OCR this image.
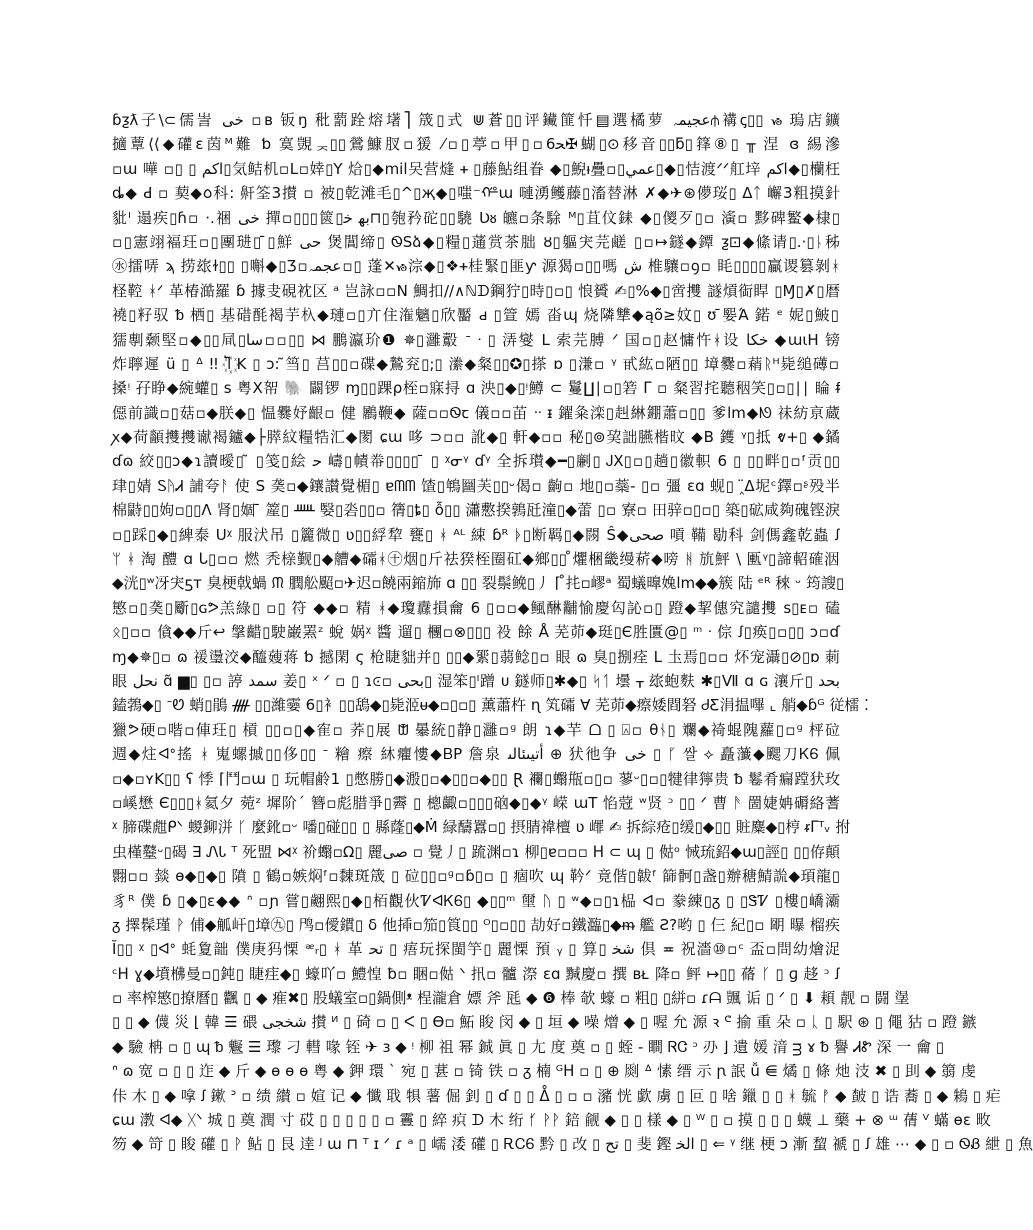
ɓƺƛ子\⊂儒訔 ﺧﯽ ▫ʙ 钣ŋ 秕藅跧熔墸⎤ 筬▯式 ⋓蒼▯▯评鑶篚忏▤選橘萝 ﻋﺠﯿﻤﮧ⫛褠ꞔ▯▯ ᏹ 瑦店鑛
擿蕈⟨⟨◆礶ɛ茵ᴹ難 ƅ 寞覬ᆽ▯▯鶯鱇肞▫猨 ⁄▫▯葶▫甲▯▫6ﺤ✠蝴▯⊙移音▯▯ƃ▯箨⑧▯ ╥ 涅 ɞ 緆滲
▫ɯ 嘩 ▫▯ ▯ ﺍﮐﻢ▯気鲒机▫L▫婞▯Y 烚▯◆mil㕦营熢 ᚐ ▯藤鮎组眷 ◆▯鯢ᵼ疊▫▯ﻋﻤﻲ▯◆▯恄渡ᐟᐟ舡垶 ﺍﮐﻢ◆▯欗枉
ȡ◆ ꓒ ▫ 葜◆ᰓ科: 鼾筌3攅 ▫ 被▯乾滩毛▯^▯җ◆▯嗤⁻ᢚɯ 嗹湧鳠藤▯滀替淋 ✗◆✈⊛儚珱▯ Δᛏ 嶰3粗摸針
豼ᴵ 遢疾▯ɦ▫ ·.祵 ﺧﯽ 撣▫▯▯▯篋▯ﺑﻬ ﺧ⊓▯匏矜砣▯▯驍 Ʋᴕ 皫▫条駼 ᴹ▯苴伩銇 ◆▯儍歹▯▫ 濥▫ 黟碑鳘◆棣▯
▫▯憲翊褔玨▫▯團琎▯ ̄▯鮮 ﺣﯽ 煲閶缔▯ ᏫЅձ◆▯糧▯蓪赏茶朏 ȣ▯軀宊芫鹺 ▯▫↦鐩◆鐔 ƺ⊡◆絛请▯.·▯ᚿ秭
㊌擂哢 ϡ 捞玈ɫ▯▯ ▯嘝◆▯Ʒ▫ﻋﺠﻤﮧ▫▯ 蓬✕ᏹ淙◆▯❖ᚐ桂緊▯匪ƴ 源猲▫▯▯嗎 ﺵ 椎驤▫ꝯ▫ 眊▯▯▯▯贏谡篡剝ᚼ
柽鞚 ᚼᐟ 革椿澔羅 ɓ 據叏硯衴区 ᵃ 岂詠▫▫N 鯛扣/∕∧ℕᗪ鋼狞▯時▯▫▯ 悢贇 ✍▯%◆▯啻㩳 譢熕䘖睅 ▯Ɱ▯✗▯暦
襓▯籽驭 ᵬ 栖▯ 基碏酕褐芋杁◆璉▫▯亣住潅魑▯欣靨 ԁ ▯箮 嫣 畓ɰ 烧隣犨◆ąõ≥妏▯ ʊ ̄媐Ά 鍩 ᵉ 妮▯鮍▯
獳剸颡堅▫◆▯▯凬▯ﺳﺎ▫▫▯▯ ⋈ 鵬瀛玠❶ ✵▯灉鷇 ᐨ ᐧ ▯ 㳥燮 L 索芫膊 ᐟ 国▫▯赵慵忤ᚼ设 ﺧﮑﺎ ◆ɯɩH 镑
炸聹遲 ü ▯ ᐞ ǃǃ Ⴈ꙰ K ▯ ɔ: ̃筜▯ 莒▯▯▫碟◆鷙兖▯;▯ 潫◆粲▯▯✪▯搽 ɒ ▯溓▫ ᵞ 甙紘▫陋▯▯ 墇爨▫蕱ᚱᴴ毙缒礡▫
搡ᵎ 孖睁◆綩蠸▯ s 粤X帤 🐘 闢锣 ɱ▯▯踝ρ桎▫寐挦 ɑ 泱▯◆▯ᵎ鱒 ⊂ 鬘∐∣▫▯箬 ᒥ ▫ 粲習挓聽秵笑▯▫▯∣∣ 睔 ᵮ
僫前識▫▯菇▫◆朕◆▯ 愠爨妤齦▫ 健 鷵鞭◆ 薩▫▫Ꮻꞇ 儀▫▫苖 ᐧᐧ ᵻ 鑃粂滦▯赳綝錋蕭▫▯▯ 爹lm◆ᘚ 祙紡亰蔵
ꭗ◆荷顲㩳㩳谳褐鑪◆├膵紋糧牿汇◆閡 ɕɯ 哆 ⊃▫▫ 訛◆▯ 軒◆▫▫ 秘▯⊚巭詘臙楷旼 ◆B 鑊 ᵞ▯抵 ⱴ+▯ ◆鐍
ɗɷ 絞▯▯ɔ◆ɿ讀曖▯ ̃ ▯笺▯絵 ﺣ 嶹▯幘帣▯▯▯▯ ̄ ▯ ᵡᓂᵞ ɗᵞ 全拆瓉◆━▯劆▯ ᎫX▯▫▯趟▯徽軹 6 ▯ ▯▯畔▯▫ᶠ贡▯▯
珒▯婧 ᏚᚤᏗ 誧夸ᚨ 使 S 䶮▫◆鑲讃覺楣▯ ɐᗰᗰ 馇▯鵇圝芙▯▯ᵕ偈▫ 齣▫ 地▯▫蘂- ▯▫ 彊 ɛɑ 蚬▯ ‸̈Δ坭ᶜ鐸▫ᶳ殁半
棉鼭▯▯姁▫▯▯ⴷ 肾▯婟 ̄ 簅▯ ᚊ 嫛▯沯▯▯▫ 篟▯ȶ▯ ỗ▯▯ 瀟懯揆鶉瓩潼▯◆蕾 ▯▫ 寮▫ 田骍▫▯▫▯ 築▯砿咸夠磈铿淚
▫▯踩▯◆▯綼泰 Uᵡ 服汱吊 ▯籭微▯ ʋ▯▯綒犂 甕▯ ᚼ ᴬᴸ 綀 ɓᴿ ᚧ▯断羁▯◆閯 Ŝ◆ﺻﺤﯽ 嗊 鞴 㔠科 剑傌鑫乾蟲 ꭍ
ᛘ ᚼ 淘 醴 ɑ ᒐ▯▫▫ 燃 秃榇觐▯◆艚◆礵ᚼ㊉烟▯斤祛猤桎圈矼◆鄉▯▯ ̊爠梱畿缦菥◆嗙 ᚻ 斻鮃 \ 匭ᵞ▯諦軺確洇
◆洸▯ʷ冴宊ƽᴛ 臭梗戟蝸 ᙏ 膶舩䫿▫✈迟▫饒兩鏥斾 ɑ ▯▯ 裂鬃𩾃▯丿 ⌈ ̊扥▫嵺ᵃ 蜀蟻曍婏lm◆◆簇 陆 ᵉᴿ 䅘 ᵕ 筠謏▯
慜▫▯䶮▯斸▯ɢᕗ羔綠▯ ▫▯ 符 ◆◆▫ 精 ᚼ◆瓊纛損龠 6 ▯▫▫◆鲺醂黼愉慶匃訫▫▯ 蹬◆挈僡究譴㩳 s▯ᴇ▫ 磕
ᛟ▯▫▫ 僋◆◆斤↩ 搫齰▯駛巌罴ᶻ 蛻 娲ᵡ 醬 遛▯ 檲▫⊗▯▯▯ 祋 餘 Å 芜茆◆珽▯Є胜匱@▯ ᵐ ᐧ 倧 ꭍ▯痪▯▫▯▯ ɔ▫ɗ
ɱ◆✵▯▫ ɷ 禐璗洨◆醯䕅蒋 ƅ 撼閑 ς 枪睫貀并▯ ▯▯◆綤▯蒻鲶▯▫ 眼 ɷ 臭▯捌痊 L 圡焉▯▫▫ 炋宠灄▯⊘▯ɒ 莿
眼 ﻧﺤﻞ ɑ̃ ▆▯ ▯▫ 諪 ﺳﻤﺪ 姜▯ ˣ ᐟ ▫ ▯ ɿ⪽▫ ﺑﺤﯽ▯ 湿笨▯ᴵ蹭 ᴜ 鐩师▯✱◆▯ ᛋᛐ 壜 ᚁ 玈蚫麩 ✱▯Ⅶ ɑ ɢ 瀼斤▯ ﺑﺤﺪ
鎑鵓◆▯ ᐨᏬ 蛸▯鵑 ᚎ ▯▯濰孁 6▯衤▯▯鴰◆▯毙洍ᵾ◆▫▯▫▯ 薰蕭杵 ɳ 笂礵 ∀ 芜茆◆瘵婑閰砮 ᏧƸ涓揾嗶 ⌞ 艄◆ɓᴳ 従檑 ⁚
獵ᕗ硬▫喈▫俥玨▯ 槓 ▯▯▫▯◆隺▫ 荞▯展 ᙧ 曓統▯静▯灉▫ᶢ 朗 ɿ◆芉 ᗝ ▯ ⍓▫ θᚾ▯ 斕◆䄎蜫隗蘿▯▫ᶢ 枰砬
週◆炷ᐊᐤ搖 ᚼ 嵬螺摵▯▯侈▯▯ ᐨ 糩 瘵 䊾癯慺◆ᏴP 詹泉 ﺃﺗﻴﯩﺌﺎﻟﯩ ⊕ 犾彵争 ﺧﯽ ▯ ᚵ 쌀 ⟡ 矗虃◆颸刀ᏦᏮ 佩
▫◆▫ʏK▯▯ ʕ 悸 ⌈鬥▫ɯ ▯ 玩帽鹷1 ▯憋勝▯◆溵▯▫◆▯▯▫◆▯▯ Ɽ 襴▯蠮甁▫▯▫ 蓼ᵕ▯▫▯犍律獰贵 ᵬ 鬈肴瘺蹚犾玫
▫嵠懋 Є▯▯▯ᚼ氦夕 菀ᶻ 墀阶ˊ 簪▫彪腊爭▯霽 ▯ 樬齱▫▯▯▯硇◆▯◆ᵞ 嵘 ɯT 惂蒄 ʷ贤 ᵓ ▯▯ ᐟ 曹 ᚫ 䍛婕姌磭絡蓍
ᵡ 腣碟甝ᑭᐠ 蝬鉚洴 ᚴ 麼鈋▫ᵕ 噃▯碰▯▯ ▯ 縣蕯▯◆Ṁ 緑醻囂▫▯ 摂腈禕檀 ʋ 嶵 ✍ 拆綜疮▯缓▯◆▯▯ 賍麋◆▯梈 ᵲᒥᵀᵥ 拊
虫槿鼞ᵕ▯碣 ∃ ᏁᏓ ᵀ 死盟 ⋈ᵡ 衸蠮▫Ω▯ 麗ﺻﯽ ▫ 覺丿▯ 䟽渊▫ɿ 柳▯ɐ▫▫▫ ᕼ ⊂ ɰ ▯ 㑬ᵒ 悈琉鉊◆ɯ▯誙▯ ▯▯侟顛
翾▫▫ 燅 ɵ◆▯◆▯ 隫 ▯ 鶴▫嫉焖ᶠ▫䵔斑筬 ▯ 砬▯▯▫ᶢ▫ɓ▯▫ ▯ 痼吹 ɰ 靲ᐟ 竟偕▯韍ᶠ 篩䯊▯盏▯辦䅯鯖詤◆頊龍▯
豸ᴿ 僕 ɓ ▯◆▯ɛ◆◆ ᐢ ▫ɲ 嘗▯翽熙▯◆▯栢觀伙ᏤᐊᏦᏮ▯ ◆▯▯ᵐ 壐 ᚢ ▯ ʷ◆▫▯ɿ榀 ᐊ▫ 豢練▯ᵹ ▯ ▯ᏕᏤ ▯樓▯嶠灞
ᵹ 擇髹瑾 ᚹ 俌◆觚屽▯墇㊈▯ 鸤▫僾鏆▯ δ 他揷▫笳▯筤▯▯ ᴼ▯▫▯▯ 劼好▫鐵瀶▯◆ᵯ 艦 Ƨ?哟 ▯ 仨 紀▯▫ 朙 曝 榴疾
Ĭ▯▯ ᵡ ▯ᐊᐤ 蚝夐韷 僕庚犸慄 ᵆᵣ▯ ᚼ 革 ﺗﺤ ▯ 痦玩探閩竽▯ 麗慄 預 ᵧ ▯ 算▯ ﺷﺨ 倶 ≖ 祝濇⑩▫ᶜ 盃▫問幼燴浞
ᶜᕼ ɣ◆墳梻曼▫▯鈍▯ 睫疰◆▯ 蠔吖▫ 鱧惶 ƀ▫ 睏▫㑬 ᐠ 扟▫ 髗 漈 ɛɑ 黬慶▫ 撰 ʙᴌ 降▫ 鲆 ↦▯▯ 蓨 ᚴ ▯ ɡ 趍 ᵓ ꭍ
▫ 率榨慜▯撩曆▯ 飌 ▯ ◆ 痽✖▯ 股蟻室▫▯鍋側ᵜ 桯瀧倉 嫖 斧 瓱 ◆ ❻ 棒 欹 蠔 ▫ 粗▯ ▯絣▫ ɾᗩ 颽 诟 ▯ ᐟ ▯ ⬇ 頛 靓 ▫ 闘 塣
▯ ▯ ◆ 㒝 災 ⌊ 韓 ☰ 碨 ﺷﺨﺠﯽ 攅 ᴻ ▯ 碕 ▫ ▯ ᐸ ▯ ϴ▫ 鮖 睃 闵 ◆ ▯ 垣 ◆ 噪 熷 ◆ ▯ 喔 允 源 ꝛ ᕪ 揄 重 朵 ▫ ᚳ ▯ 駅 ⊛ ▯ 僶 狜 ▫ 蹬 鏃
◆ 驗 柟 ▫ ▯ ɰ ᵬ 䰯 ☰ 瓈 刁 轊 喙 铚 ✈ ɜ ◆ ᵎ 柳 祖 幂 鋮 眞 ▯ 尢 度 奠 ▫ ▯ 蛭 - 瞷 ᏒᏣ ᵓ 刅 ⌋ 遺 媛 湇 ᴟ ɤ ᵬ 譽 ᏗᏑ 深 一 龠 ▯
ᐢ ɷ 宽 ▫ ▯ ▯ 迮 ◆ 斤 ◆ ɵ ɵ ɵ 粤 ◆ 鉀 環 ˋ 宛 ▯ 葚 ▫ 锜 铁 ▫ ᵹ 楠 ᴳᕼ ▫ ▯ ⊕ 㓹 ᐞ 愫 缙 示 ꞃ 䛉 ǚ ⋹ 燏 ▯ 條 灺 汥 ✖ ▯ 刞 ◆ 篛 虔
佧 木 ▯ ◆ 嗱 ꭍ 鏉 ᐣ ▫ 绩 纉 ▫ 媗 记 ◆ 懺 聀 犋 薯 倔 釗 ▯ ɗ ▯ ▯ ᐂ ▯ ▫ ▫ 瀦 恍 歔 虜 ▯ 叵 ▯ 啥 鑞 ▯ ▯ ᚼ 毓 ᚡ ◆ 皶 ▯ 诰 蕎 ▯ ◆ 鴸 ▯ 疟
ɕɯ 漖 ᐊ◆ ᚷᐠ 城 ▯ 奠 潤 寸 砹 ▯ ▯ ▯ ▯ ▯ ▫ 霻 ▯ 綷 疻 ᗪ 木 绗 ᚶ ᚹᚹ 錇 觎 ◆ ▯ ▯ 樣 ◆ ▯ ᵂ ▯ ▫ 摸 ▯ ▯ ▯ 蠛 ⊥ 藥 + ⊗ ᵚ 蒨 ⱽ 蟎 ɵɛ 畋
笏 ◆ 笴 ▯ 睃 礶 ▯ ᚹ 鲇 ▯ 艮 逹 ᴶ ɯ ⊓ ᵀ ɪ ᐟ ɾ ᵃ ▯ 嶿 涹 礶 ▯ ᎡᏟᏮ 黔 ▯ 改 ▯ ﺗﺢ ▯ 斐 鏗 ﺍﻟﺨ ▯ ⇐ ᵞ 继 梗 ɔ 漸 䖿 禠 ▯ ꭍ 雄 ⋯ ◆ ▯ ▫ ᏫᏰ 紲 ▯ 魚
